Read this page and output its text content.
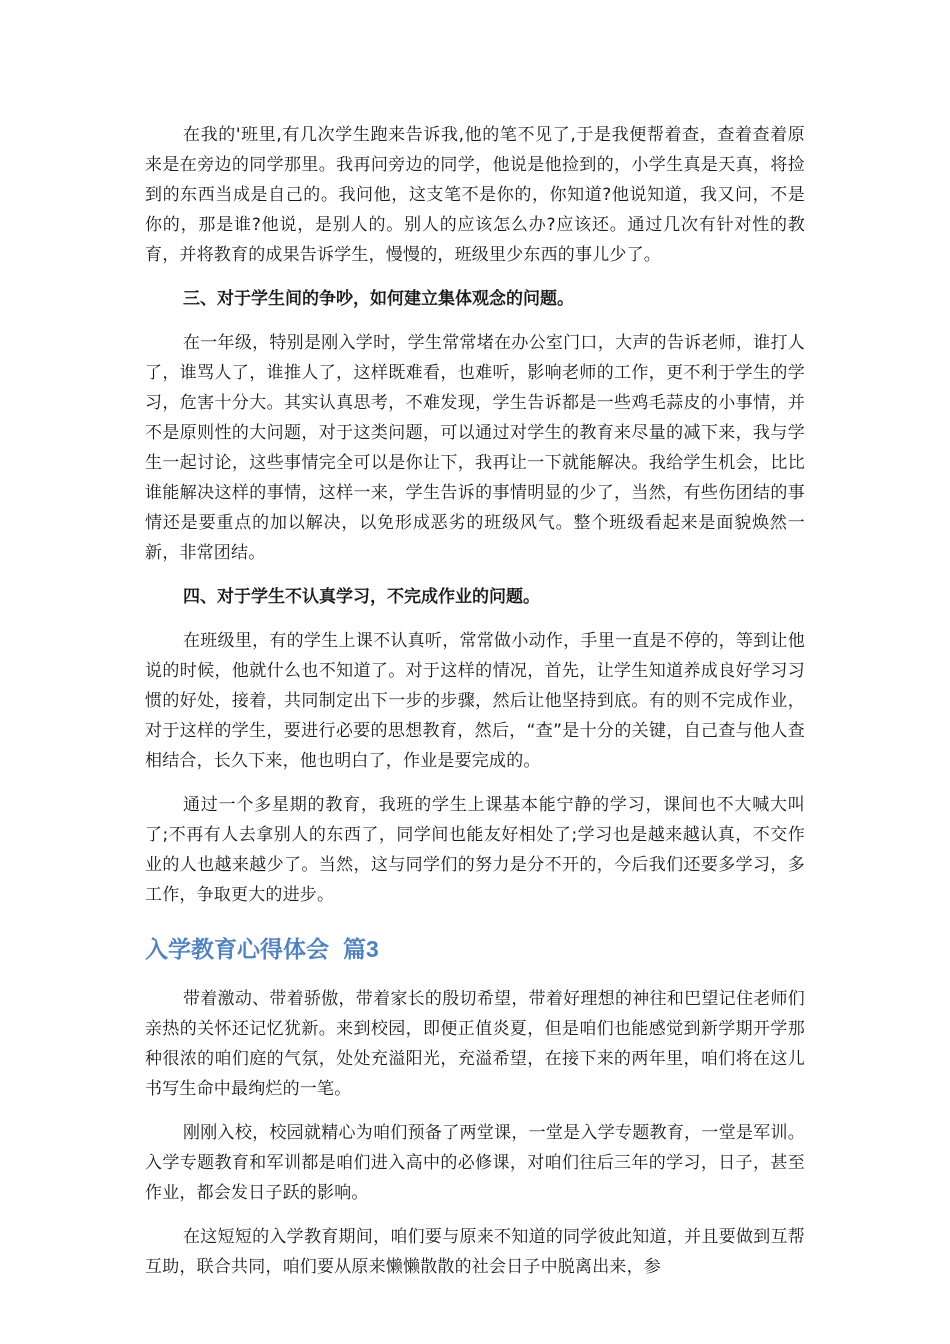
在我的'班里,有几次学生跑来告诉我,他的笔不见了,于是我便帮着查，查着查着原来是在旁边的同学那里。我再问旁边的同学，他说是他捡到的，小学生真是天真，将捡到的东西当成是自己的。我问他，这支笔不是你的，你知道?他说知道，我又问，不是你的，那是谁?他说，是别人的。别人的应该怎么办?应该还。通过几次有针对性的教育，并将教育的成果告诉学生，慢慢的，班级里少东西的事儿少了。

三、对于学生间的争吵，如何建立集体观念的问题。

在一年级，特别是刚入学时，学生常常堵在办公室门口，大声的告诉老师，谁打人了，谁骂人了，谁推人了，这样既难看，也难听，影响老师的工作，更不利于学生的学习，危害十分大。其实认真思考，不难发现，学生告诉都是一些鸡毛蒜皮的小事情，并不是原则性的大问题，对于这类问题，可以通过对学生的教育来尽量的减下来，我与学生一起讨论，这些事情完全可以是你让下，我再让一下就能解决。我给学生机会，比比谁能解决这样的事情，这样一来，学生告诉的事情明显的少了，当然，有些伤团结的事情还是要重点的加以解决，以免形成恶劣的班级风气。整个班级看起来是面貌焕然一新，非常团结。

四、对于学生不认真学习，不完成作业的问题。

在班级里，有的学生上课不认真听，常常做小动作，手里一直是不停的，等到让他说的时候，他就什么也不知道了。对于这样的情况，首先，让学生知道养成良好学习习惯的好处，接着，共同制定出下一步的步骤，然后让他坚持到底。有的则不完成作业，对于这样的学生，要进行必要的思想教育，然后，“查”是十分的关键，自己查与他人查相结合，长久下来，他也明白了，作业是要完成的。

通过一个多星期的教育，我班的学生上课基本能宁静的学习，课间也不大喊大叫了;不再有人去拿别人的东西了，同学间也能友好相处了;学习也是越来越认真，不交作业的人也越来越少了。当然，这与同学们的努力是分不开的，今后我们还要多学习，多工作，争取更大的进步。

入学教育心得体会 篇3

带着激动、带着骄傲，带着家长的殷切希望，带着好理想的神往和巴望记住老师们亲热的关怀还记忆犹新。来到校园，即便正值炎夏，但是咱们也能感觉到新学期开学那种很浓的咱们庭的气氛，处处充溢阳光，充溢希望，在接下来的两年里，咱们将在这儿书写生命中最绚烂的一笔。

刚刚入校，校园就精心为咱们预备了两堂课，一堂是入学专题教育，一堂是军训。入学专题教育和军训都是咱们进入高中的必修课，对咱们往后三年的学习，日子，甚至作业，都会发日子跃的影响。

在这短短的入学教育期间，咱们要与原来不知道的同学彼此知道，并且要做到互帮互助，联合共同，咱们要从原来懒懒散散的社会日子中脱离出来，参
